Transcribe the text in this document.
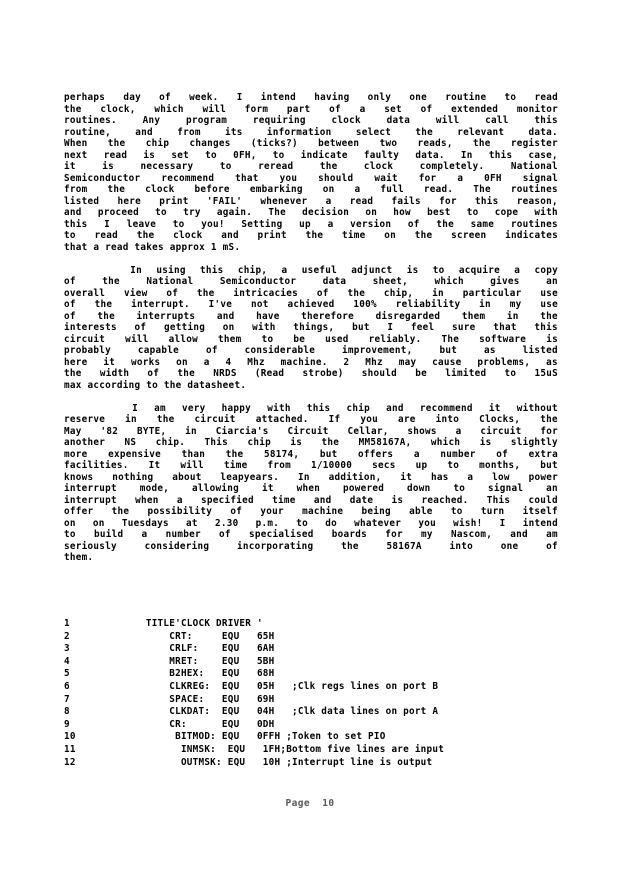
perhaps day of week. I intend having only one routine to read
the clock, which will form part of a set of extended monitor
routines.	Any	program	requiring	clock	data	will	call	this
routine,	and	from	its	information	select	the	relevant	data.
When the chip changes (ticks?) between two reads, the register
next read is set to 0FH, to indicate faulty data. In this case,
it	is	necessary	to	reread	the	clock	completely.	National
Semiconductor recommend that you should wait for a 0FH signal
from the clock before embarking on a full read. The routines
listed here print 'FAIL' whenever a read fails for this reason,
and proceed to try again. The decision on how best to cope with
this I leave to you! Setting up a version of the same routines
to read the clock and print the time on the screen indicates
that a read takes approx 1 mS.
In using this chip, a useful adjunct is to acquire a copy
of	the	National	Semiconductor	data	sheet,	which	gives	an
overall view of the intricacies of the chip, in particular use
of the interrupt. I've not achieved 100% reliability in my use
of the interrupts and have therefore disregarded them in the
interests of getting on with things, but I feel sure that this
circuit will allow them to be used reliably. The software is
probably	capable	of	considerable	improvement,	but	as	listed
here it works on a 4 Mhz machine. 2 Mhz may cause problems, as
the width of the NRDS (Read strobe) should be limited to 15uS
max according to the datasheet.
I am very happy with this chip and recommend it without
reserve in the circuit attached. If you are into Clocks, the
May '82 BYTE, in Ciarcia's Circuit Cellar, shows a circuit for
another NS chip. This chip is the MM58167A, which is slightly
more expensive than the 58174, but offers a number of extra
facilities. It will time from 1/10000 secs up to months, but
knows nothing about leapyears. In addition, it has a low power
interrupt mode, allowing it when powered down to signal an
interrupt when a specified time and date is reached. This could
offer the possibility of your machine being able to turn itself
on on Tuesdays at 2.30 p.m. to do whatever you wish! I intend
to build a number of specialised boards for my Nascom, and am
seriously	considering	incorporating	the	58167A	into	one	of
them.
1             TITLE'CLOCK DRIVER '
2                 CRT:     EQU   65H
3                 CRLF:    EQU   6AH
4                 MRET:    EQU   5BH
5                 B2HEX:   EQU   68H
6                 CLKREG:  EQU   05H   ;Clk regs lines on port B
7                 SPACE:   EQU   69H
8                 CLKDAT:  EQU   04H   ;Clk data lines on port A
9                 CR:      EQU   0DH
10                 BITMOD: EQU   0FFH ;Token to set PIO
11                  INMSK:  EQU   1FH;Bottom five lines are input
12                  OUTMSK: EQU   10H ;Interrupt line is output
Page  10
